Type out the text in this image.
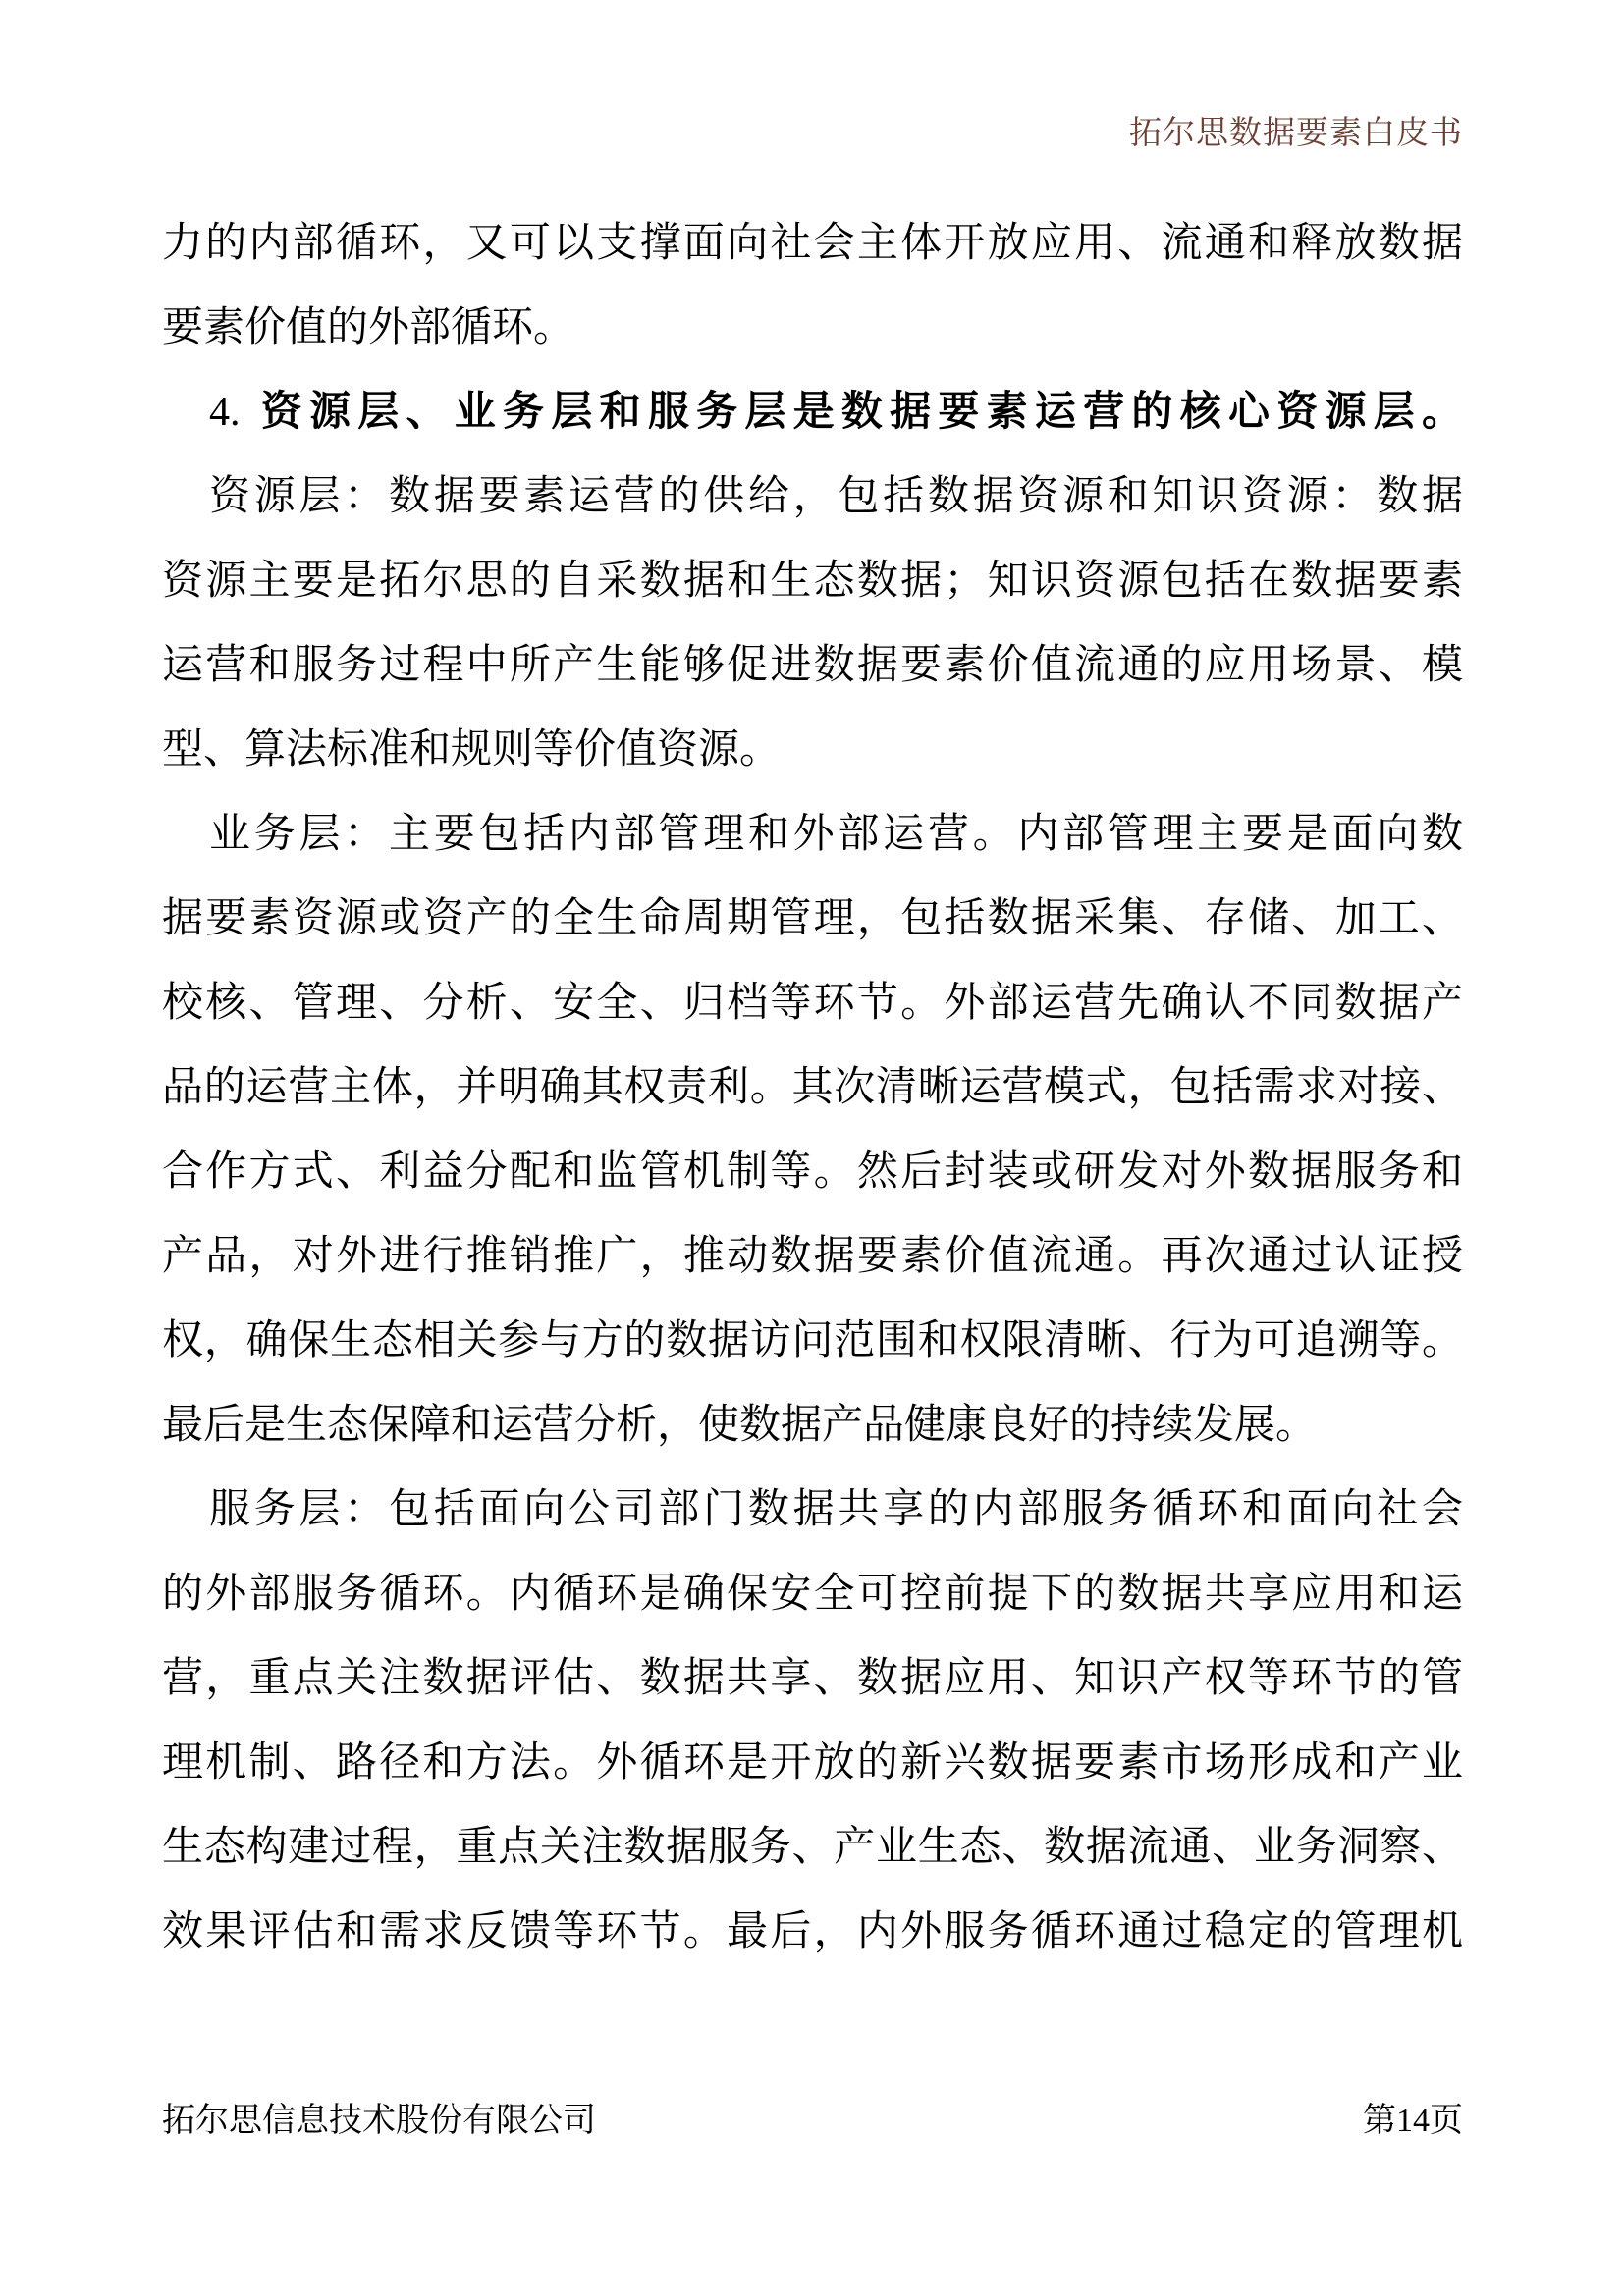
拓尔思数据要素白皮书
力的内部循环，又可以支撑面向社会主体开放应用、流通和释放数据
要素价值的外部循环。
4. 资源层、业务层和服务层是数据要素运营的核心资源层。
资源层：数据要素运营的供给，包括数据资源和知识资源：数据
资源主要是拓尔思的自采数据和生态数据；知识资源包括在数据要素
运营和服务过程中所产生能够促进数据要素价值流通的应用场景、模
型、算法标准和规则等价值资源。
业务层：主要包括内部管理和外部运营。内部管理主要是面向数
据要素资源或资产的全生命周期管理，包括数据采集、存储、加工、
校核、管理、分析、安全、归档等环节。外部运营先确认不同数据产
品的运营主体，并明确其权责利。其次清晰运营模式，包括需求对接、
合作方式、利益分配和监管机制等。然后封装或研发对外数据服务和
产品，对外进行推销推广，推动数据要素价值流通。再次通过认证授
权，确保生态相关参与方的数据访问范围和权限清晰、行为可追溯等。
最后是生态保障和运营分析，使数据产品健康良好的持续发展。
服务层：包括面向公司部门数据共享的内部服务循环和面向社会
的外部服务循环。内循环是确保安全可控前提下的数据共享应用和运
营，重点关注数据评估、数据共享、数据应用、知识产权等环节的管
理机制、路径和方法。外循环是开放的新兴数据要素市场形成和产业
生态构建过程，重点关注数据服务、产业生态、数据流通、业务洞察、
效果评估和需求反馈等环节。最后，内外服务循环通过稳定的管理机
拓尔思信息技术股份有限公司	第14页
